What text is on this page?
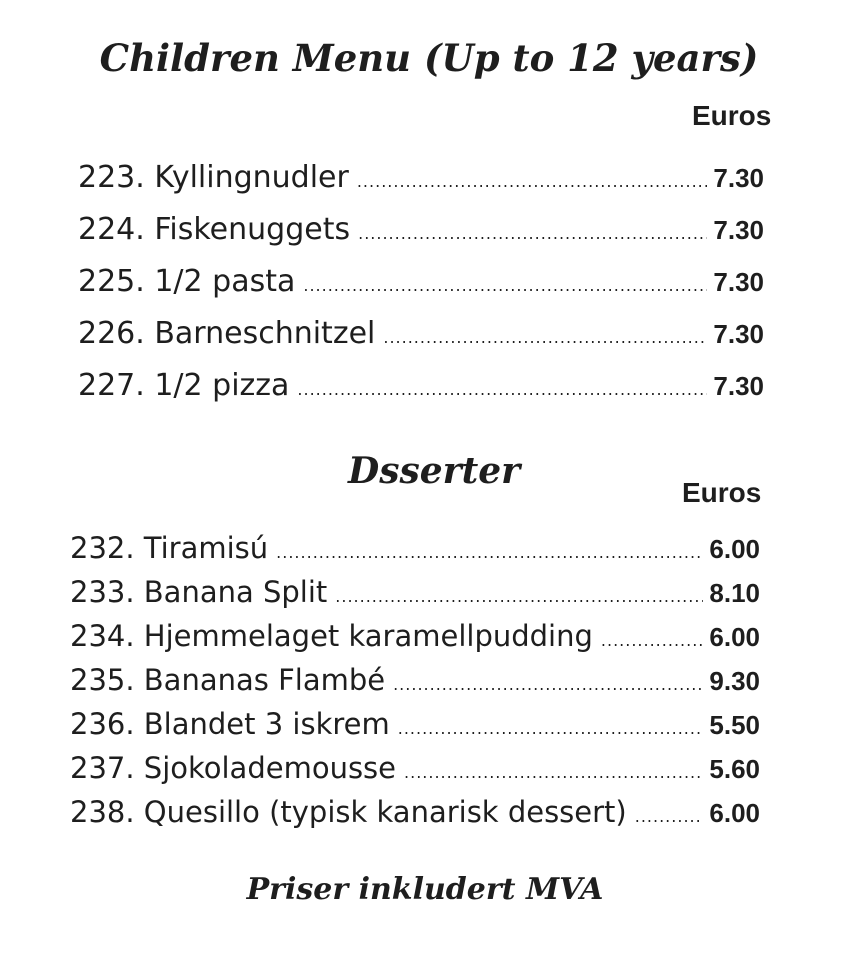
Children Menu (Up to 12 years)
Euros
223. Kyllingnudler .....	7.30
224. Fiskenuggets .....	7.30
225. 1/2 pasta .....	7.30
226. Barneschnitzel .....	7.30
227. 1/2 pizza .....	7.30
Dsserter
Euros
232. Tiramisú .....	6.00
233. Banana Split .....	8.10
234. Hjemmelaget karamellpudding .....	6.00
235. Bananas Flambé .....	9.30
236. Blandet 3 iskrem .....	5.50
237. Sjokolademousse .....	5.60
238. Quesillo (typisk kanarisk dessert) .....	6.00
Priser inkludert MVA
